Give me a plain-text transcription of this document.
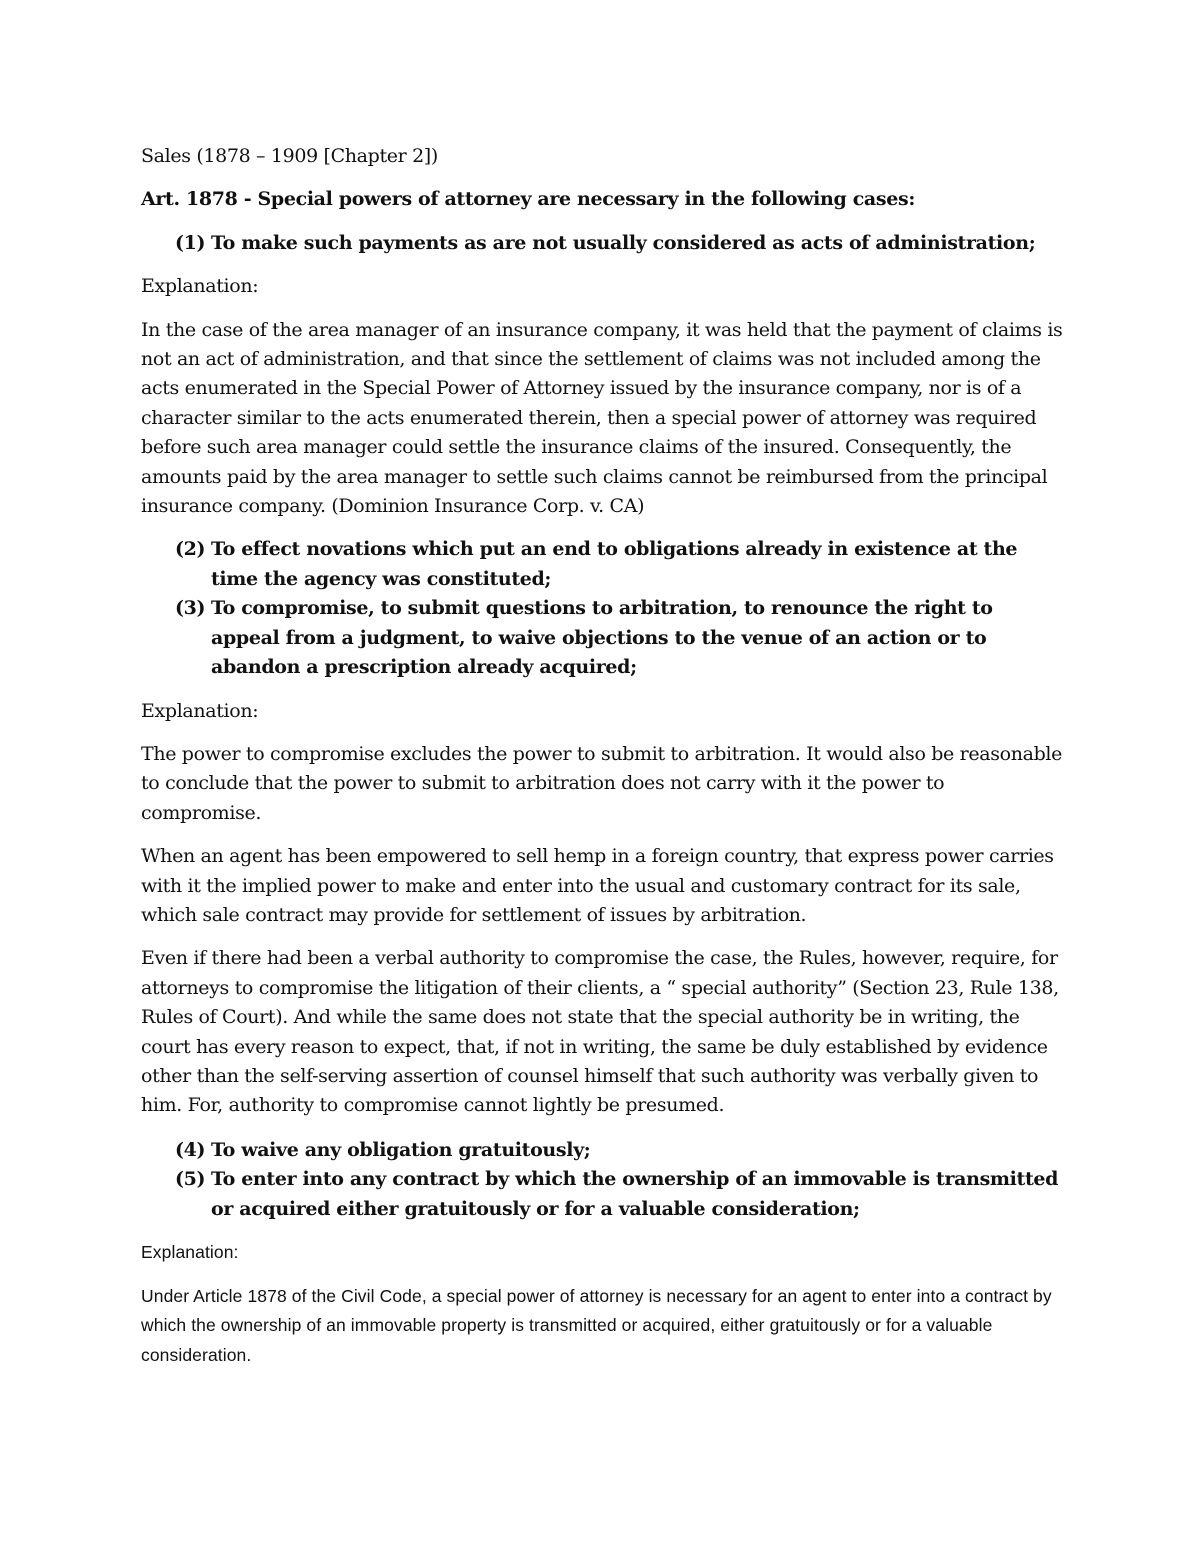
Sales (1878 – 1909 [Chapter 2])

Art. 1878 - Special powers of attorney are necessary in the following cases:

(1) To make such payments as are not usually considered as acts of administration;

Explanation:

In the case of the area manager of an insurance company, it was held that the payment of claims is not an act of administration, and that since the settlement of claims was not included among the acts enumerated in the Special Power of Attorney issued by the insurance company, nor is of a character similar to the acts enumerated therein, then a special power of attorney was required before such area manager could settle the insurance claims of the insured. Consequently, the amounts paid by the area manager to settle such claims cannot be reimbursed from the principal insurance company. (Dominion Insurance Corp. v. CA)

(2) To effect novations which put an end to obligations already in existence at the time the agency was constituted;
(3) To compromise, to submit questions to arbitration, to renounce the right to appeal from a judgment, to waive objections to the venue of an action or to abandon a prescription already acquired;

Explanation:

The power to compromise excludes the power to submit to arbitration. It would also be reasonable to conclude that the power to submit to arbitration does not carry with it the power to compromise.

When an agent has been empowered to sell hemp in a foreign country, that express power carries with it the implied power to make and enter into the usual and customary contract for its sale, which sale contract may provide for settlement of issues by arbitration.

Even if there had been a verbal authority to compromise the case, the Rules, however, require, for attorneys to compromise the litigation of their clients, a “ special authority” (Section 23, Rule 138, Rules of Court). And while the same does not state that the special authority be in writing, the court has every reason to expect, that, if not in writing, the same be duly established by evidence other than the self-serving assertion of counsel himself that such authority was verbally given to him. For, authority to compromise cannot lightly be presumed.

(4) To waive any obligation gratuitously;
(5) To enter into any contract by which the ownership of an immovable is transmitted or acquired either gratuitously or for a valuable consideration;

Explanation:

Under Article 1878 of the Civil Code, a special power of attorney is necessary for an agent to enter into a contract by which the ownership of an immovable property is transmitted or acquired, either gratuitously or for a valuable consideration.
